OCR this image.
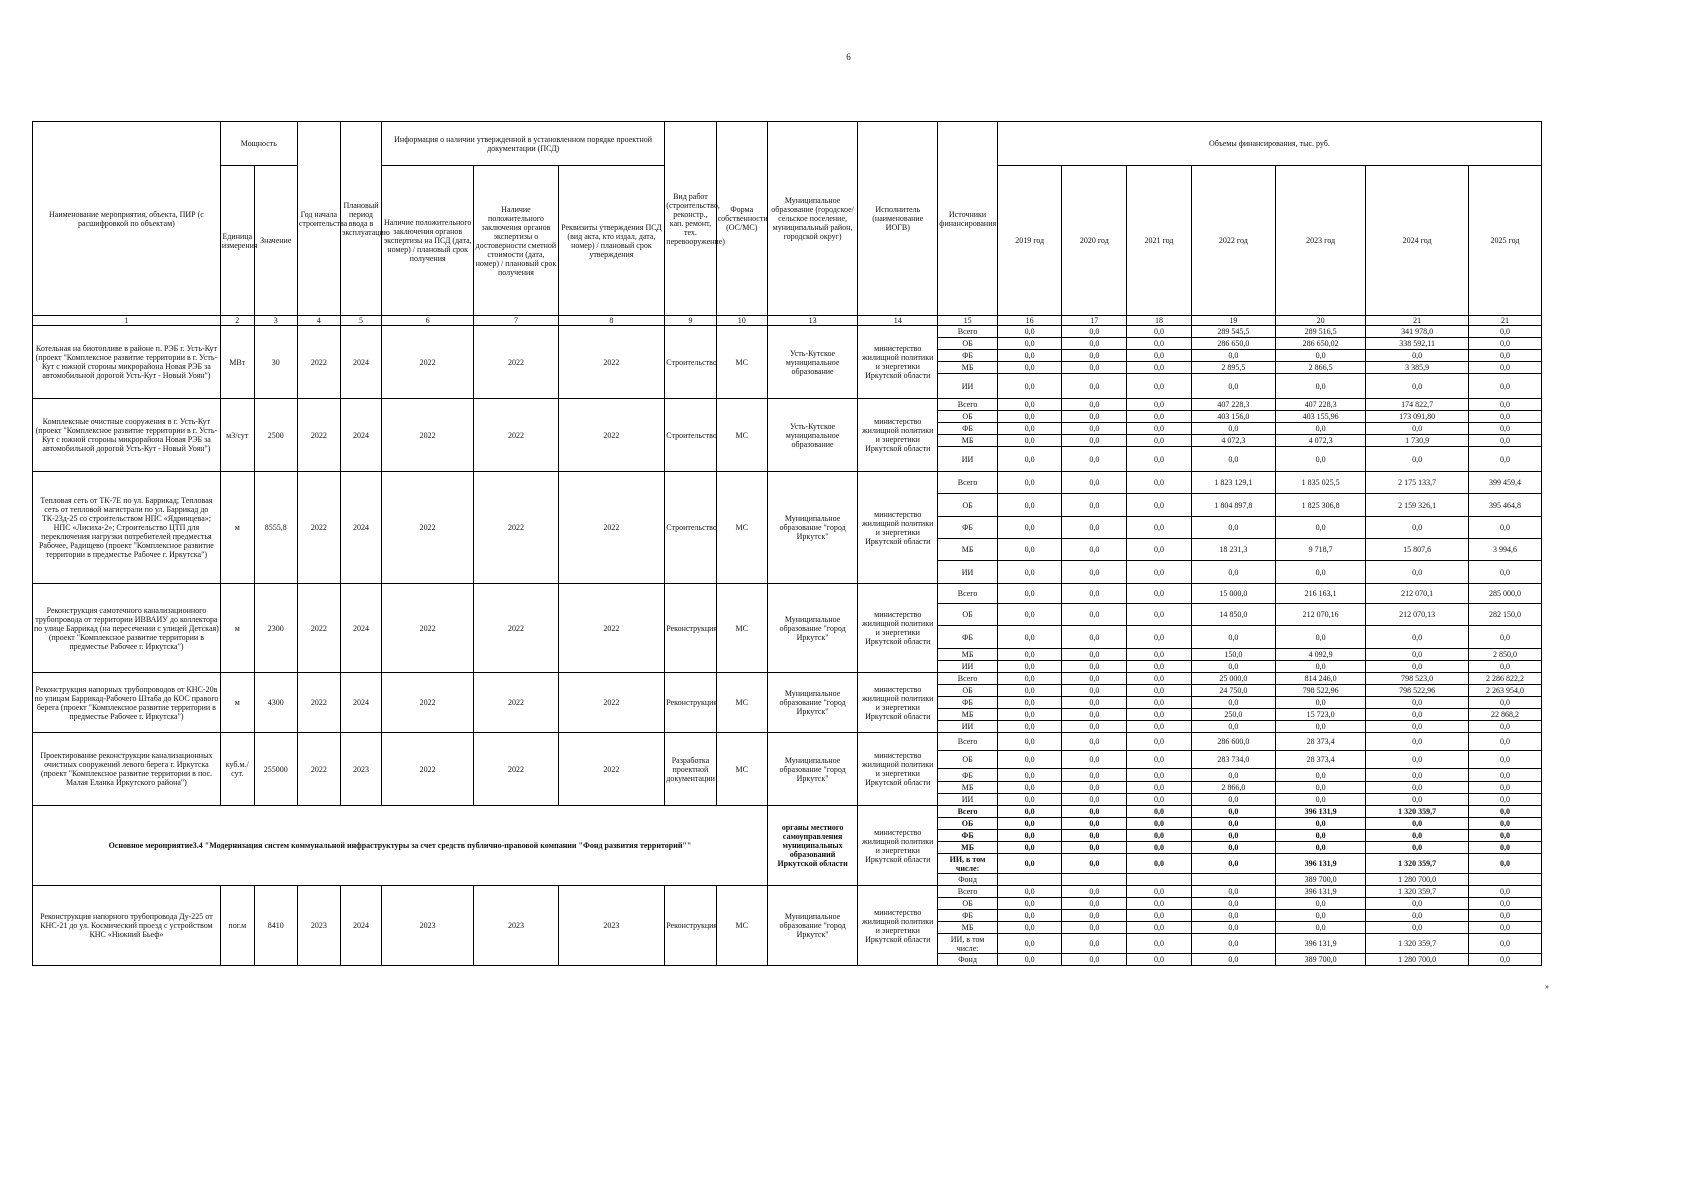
6
Наименование мероприятия, объекта, ПИР (с расшифровкой по объектам)	Мощность		Год начала строительства	Плановый период ввода в эксплуатацию	Информация о наличии утвержденной в установленном порядке проектной документации (ПСД)			Вид работ (строительство, реконстр., кап. ремонт, тех. перевооружение)	Форма собственности (ОС/МС)	Муниципальное образование (городское/сельское поселение, муниципальный район, городской округ)	Исполнитель (наименование ИОГВ)	Источники финансирования	Объемы финансирования, тыс. руб.						
	Единица измерения	Значение			Наличие положительного заключения органов экспертизы на ПСД (дата, номер) / плановый срок получения	Наличие положительного заключения органов экспертизы о достоверности сметной стоимости (дата, номер) / плановый срок получения	Реквизиты утверждения ПСД (вид акта, кто издал, дата, номер) / плановый срок утверждения						2019 год	2020 год	2021 год	2022 год	2023 год	2024 год	2025 год
1	2	3	4	5	6	7	8	9	10	13	14	15	16	17	18	19	20	21	21
Котельная на биотопливе в районе п. РЭБ г. Усть-Кут (проект "Комплексное развитие территории в г. Усть-Кут с южной стороны микрорайона Новая РЭБ за автомобильной дорогой Усть-Кут - Новый Уоян")	МВт	30	2022	2024	2022	2022	2022	Строительство	МС	Усть-Кутское муниципальное образование	министерство жилищной политики и энергетики Иркутской области	Всего	0,0	0,0	0,0	289 545,5	289 516,5	341 978,0	0,0
												ОБ	0,0	0,0	0,0	286 650,0	286 650,02	338 592,11	0,0
												ФБ	0,0	0,0	0,0	0,0	0,0	0,0	0,0
												МБ	0,0	0,0	0,0	2 895,5	2 866,5	3 385,9	0,0
												ИИ	0,0	0,0	0,0	0,0	0,0	0,0	0,0
Комплексные очистные сооружения в г. Усть-Кут (проект "Комплексное развитие территории в г. Усть-Кут с южной стороны микрорайона Новая РЭБ за автомобильной дорогой Усть-Кут - Новый Уоян")	м3/сут	2500	2022	2024	2022	2022	2022	Строительство	МС	Усть-Кутское муниципальное образование	министерство жилищной политики и энергетики Иркутской области	Всего	0,0	0,0	0,0	407 228,3	407 228,3	174 822,7	0,0
												ОБ	0,0	0,0	0,0	403 156,0	403 155,96	173 091,80	0,0
												ФБ	0,0	0,0	0,0	0,0	0,0	0,0	0,0
												МБ	0,0	0,0	0,0	4 072,3	4 072,3	1 730,9	0,0
												ИИ	0,0	0,0	0,0	0,0	0,0	0,0	0,0
Тепловая сеть от ТК-7Е по ул. Баррикад; Тепловая сеть от тепловой магистрали по ул. Баррикад до ТК-23д-25 со строительством НПС «Ядринцева»; НПС «Лисиха-2»; Строительство ЦТП для переключения нагрузки потребителей предместья Рабочее, Радищево (проект "Комплексное развитие территории в предместье Рабочее г. Иркутска")	м	8555,8	2022	2024	2022	2022	2022	Строительство	МС	Муниципальное образование "город Иркутск"	министерство жилищной политики и энергетики Иркутской области	Всего	0,0	0,0	0,0	1 823 129,1	1 835 025,5	2 175 133,7	399 459,4
												ОБ	0,0	0,0	0,0	1 804 897,8	1 825 306,8	2 159 326,1	395 464,8
												ФБ	0,0	0,0	0,0	0,0	0,0	0,0	0,0
												МБ	0,0	0,0	0,0	18 231,3	9 718,7	15 807,6	3 994,6
												ИИ	0,0	0,0	0,0	0,0	0,0	0,0	0,0
Реконструкция самотечного канализационного трубопровода от территории ИВВАИУ до коллектора по улице Баррикад (на пересечении с улицей Детская) (проект "Комплексное развитие территории в предместье Рабочее г. Иркутска")	м	2300	2022	2024	2022	2022	2022	Реконструкция	МС	Муниципальное образование "город Иркутск"	министерство жилищной политики и энергетики Иркутской области	Всего	0,0	0,0	0,0	15 000,0	216 163,1	212 070,1	285 000,0
												ОБ	0,0	0,0	0,0	14 850,0	212 070,16	212 070,13	282 150,0
												ФБ	0,0	0,0	0,0	0,0	0,0	0,0	0,0
												МБ	0,0	0,0	0,0	150,0	4 092,9	0,0	2 850,0
												ИИ	0,0	0,0	0,0	0,0	0,0	0,0	0,0
Реконструкция напорных трубопроводов от КНС-20в по улицам Баррикад-Рабочего Штаба до КОС правого берега (проект "Комплексное развитие территории в предместье Рабочее г. Иркутска")	м	4300	2022	2024	2022	2022	2022	Реконструкция	МС	Муниципальное образование "город Иркутск"	министерство жилищной политики и энергетики Иркутской области	Всего	0,0	0,0	0,0	25 000,0	814 246,0	798 523,0	2 286 822,2
												ОБ	0,0	0,0	0,0	24 750,0	798 522,96	798 522,96	2 263 954,0
												ФБ	0,0	0,0	0,0	0,0	0,0	0,0	0,0
												МБ	0,0	0,0	0,0	250,0	15 723,0	0,0	22 868,2
												ИИ	0,0	0,0	0,0	0,0	0,0	0,0	0,0
Проектирование реконструкции канализационных очистных сооружений левого берега г. Иркутска (проект "Комплексное развитие территории в пос. Малая Еланка Иркутского района")	куб.м./сут.	255000	2022	2023	2022	2022	2022	Разработка проектной документации	МС	Муниципальное образование "город Иркутск"	министерство жилищной политики и энергетики Иркутской области	Всего	0,0	0,0	0,0	286 600,0	28 373,4	0,0	0,0
												ОБ	0,0	0,0	0,0	283 734,0	28 373,4	0,0	0,0
												ФБ	0,0	0,0	0,0	0,0	0,0	0,0	0,0
												МБ	0,0	0,0	0,0	2 866,0	0,0	0,0	0,0
												ИИ	0,0	0,0	0,0	0,0	0,0	0,0	0,0
Основное мероприятие3.4 "Модернизация систем коммунальной инфраструктуры за счет средств публично-правовой компании "Фонд развития территорий""										органы местного самоуправления муниципальных образований Иркутской области	министерство жилищной политики и энергетики Иркутской области	Всего	0,0	0,0	0,0	0,0	396 131,9	1 320 359,7	0,0
												ОБ	0,0	0,0	0,0	0,0	0,0	0,0	0,0
												ФБ	0,0	0,0	0,0	0,0	0,0	0,0	0,0
												МБ	0,0	0,0	0,0	0,0	0,0	0,0	0,0
												ИИ, в том числе:	0,0	0,0	0,0	0,0	396 131,9	1 320 359,7	0,0
												Фонд					389 700,0	1 280 700,0	
Реконструкция напорного трубопровода Ду-225 от КНС-21 до ул. Космический проезд с устройством КНС «Нижний Бьеф»	пог.м	8410	2023	2024	2023	2023	2023	Реконструкция	МС	Муниципальное образование "город Иркутск"	министерство жилищной политики и энергетики Иркутской области	Всего	0,0	0,0	0,0	0,0	396 131,9	1 320 359,7	0,0
												ОБ	0,0	0,0	0,0	0,0	0,0	0,0	0,0
												ФБ	0,0	0,0	0,0	0,0	0,0	0,0	0,0
												МБ	0,0	0,0	0,0	0,0	0,0	0,0	0,0
												ИИ, в том числе:	0,0	0,0	0,0	0,0	396 131,9	1 320 359,7	0,0
												Фонд	0,0	0,0	0,0	0,0	389 700,0	1 280 700,0	0,0
»
